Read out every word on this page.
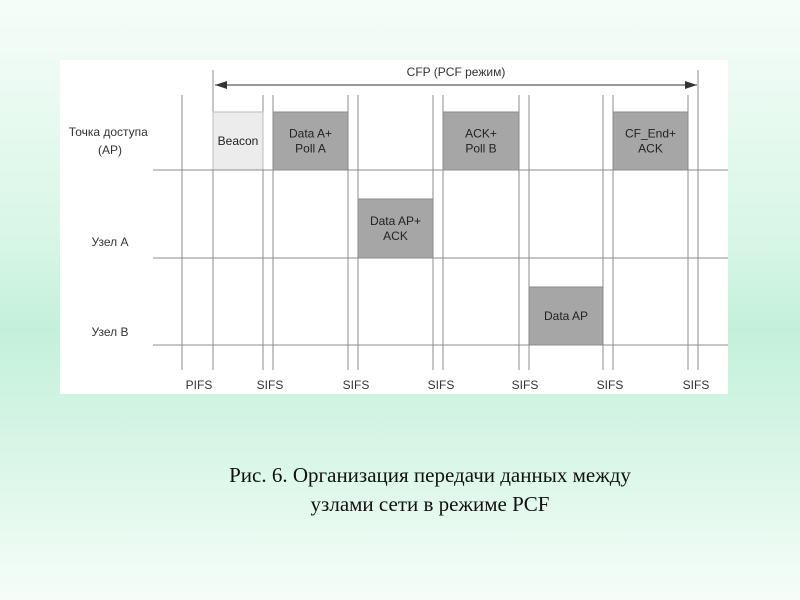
CFP (PCF режим)
Beacon
Data A+
Poll A
Data AP+
ACK
ACK+
Poll B
Data AP
CF_End+
ACK
Точка доступа (AP)
Узел A
Узел B
PIFS	SIFS	SIFS	SIFS	SIFS	SIFS	SIFS
Рис. 6. Организация передачи данных между
узлами сети в режиме PCF
